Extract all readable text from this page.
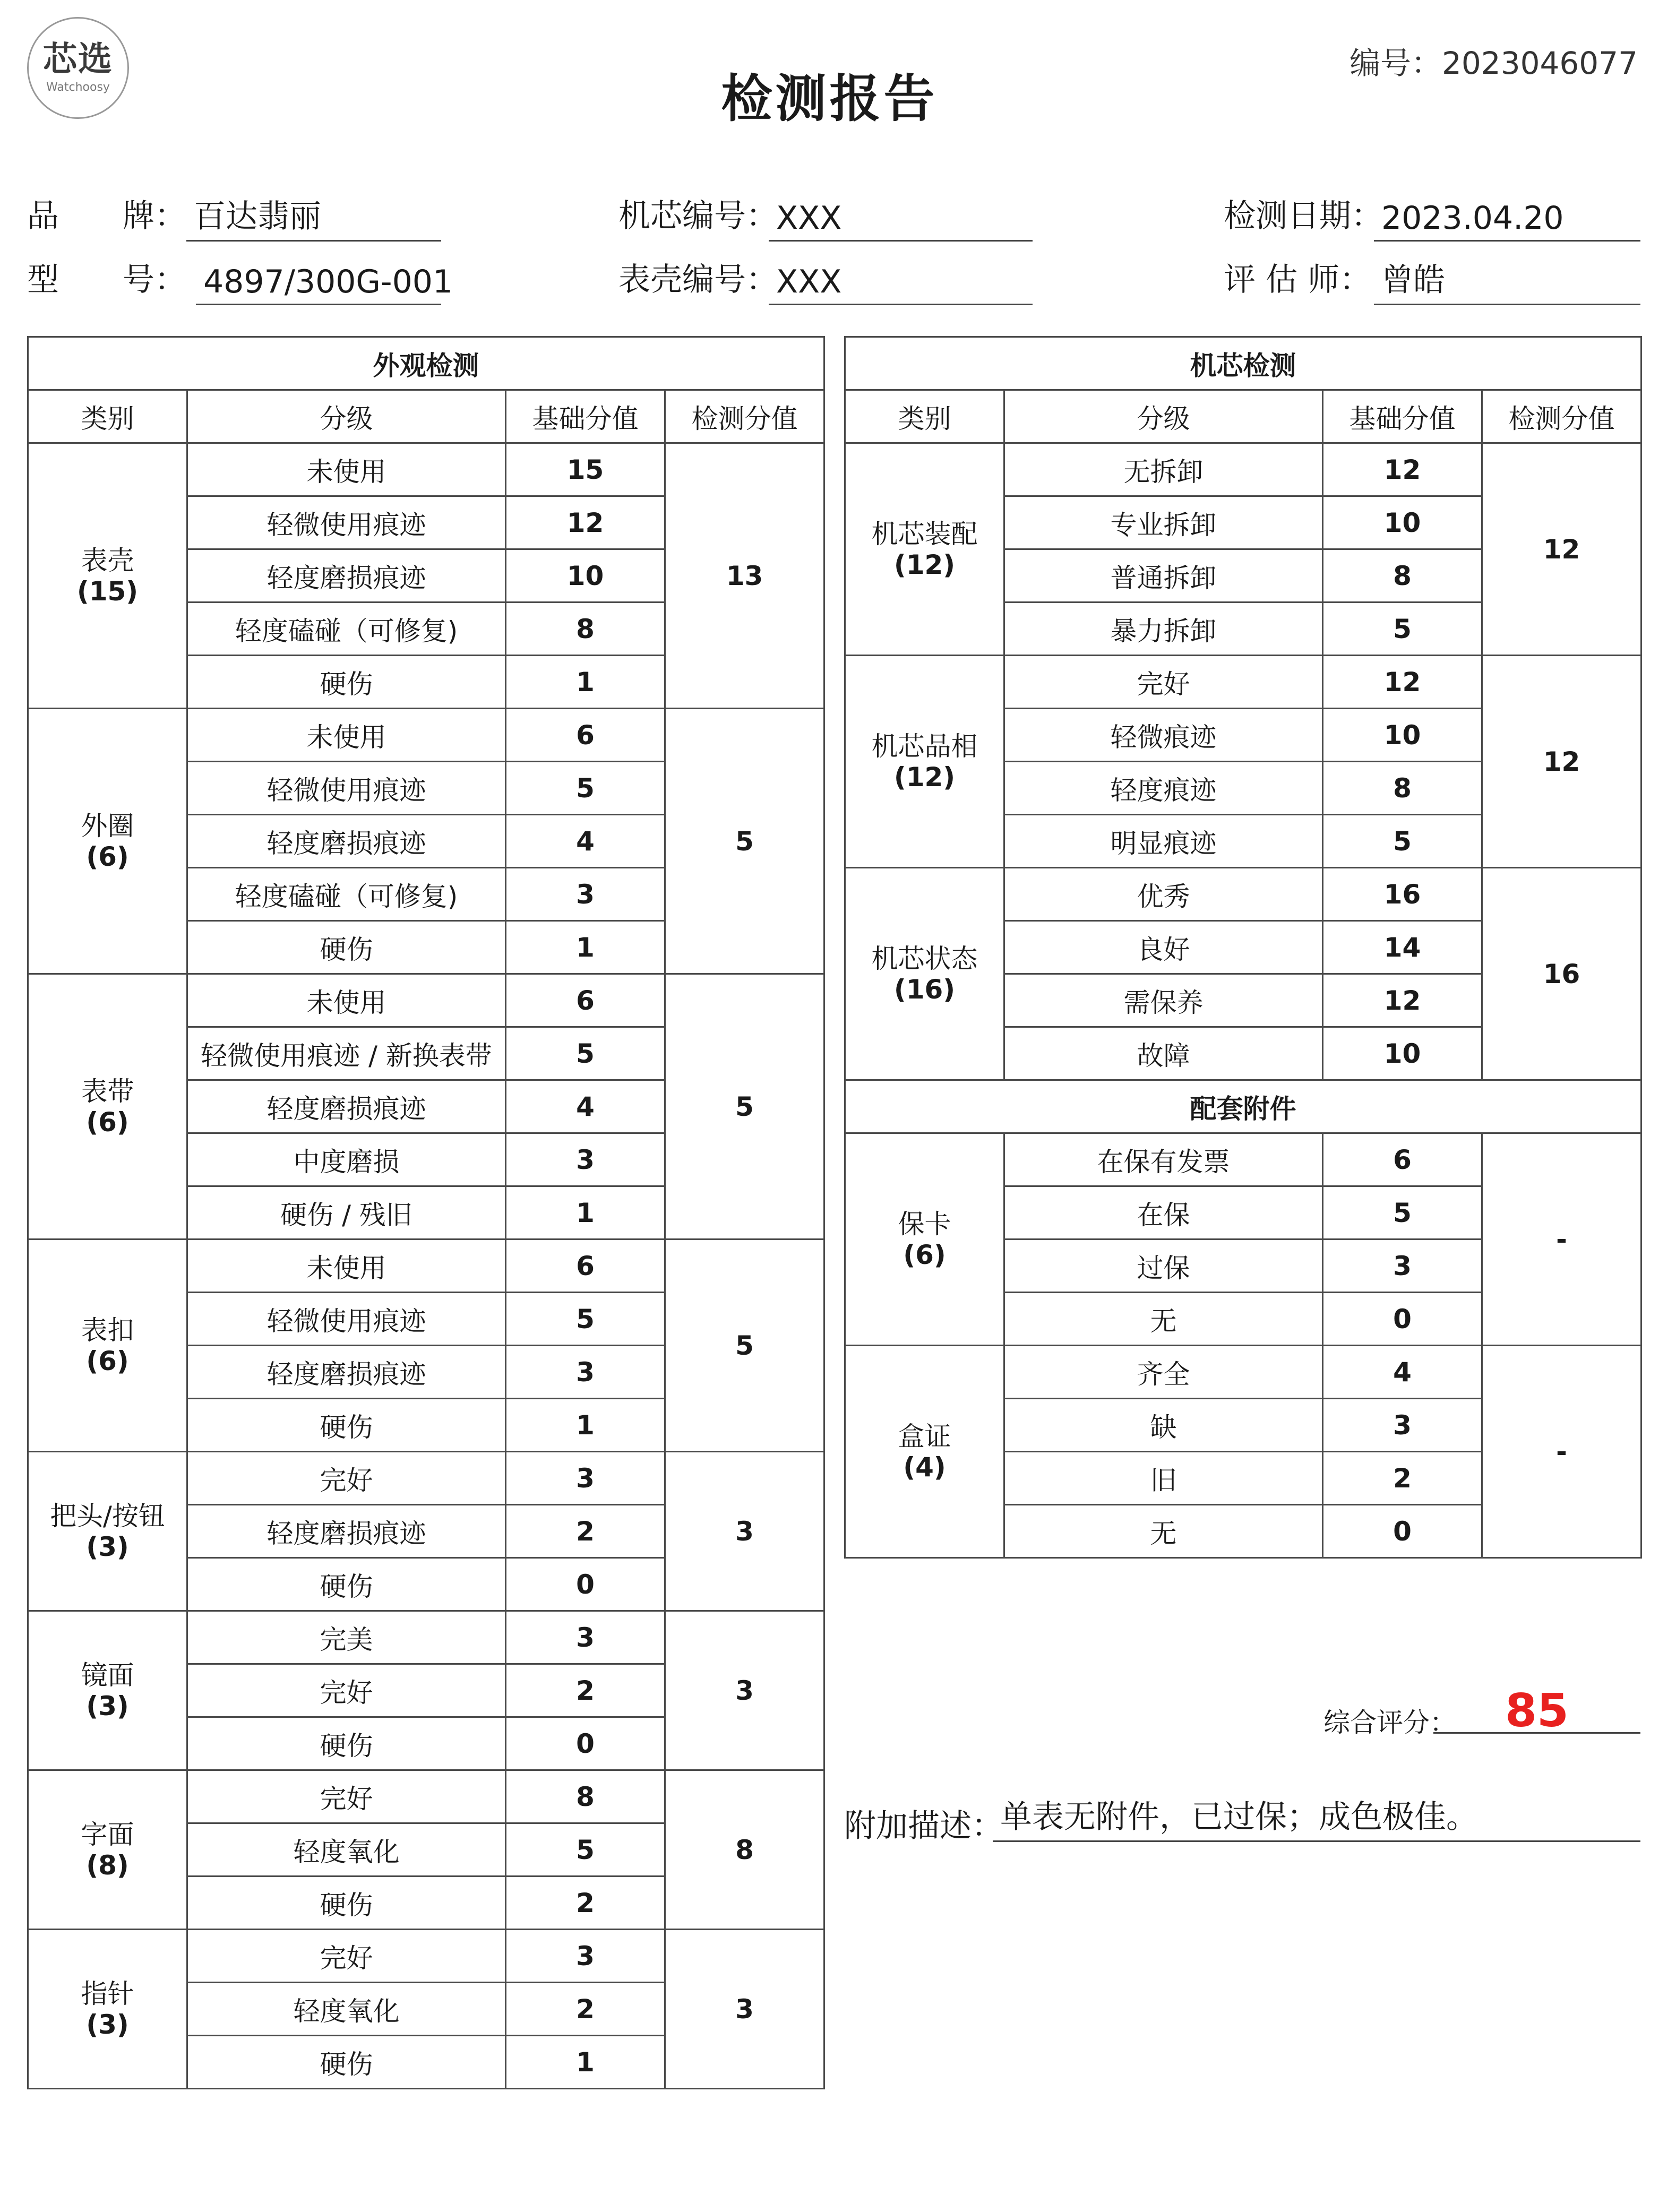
芯选
Watchoosy	检测报告
编号：2023046077
品　　牌： 百达翡丽
型　　号： 4897/300G-001
机芯编号：
XXX
表壳编号：
XXX
检测日期：
2023.04.20
评 估 师： 曾皓
外观检测			
类别	分级	基础分值	检测分值

表壳
(15)	未使用	15	13
	轻微使用痕迹	12	
	轻度磨损痕迹	10	
	轻度磕碰（可修复)	8	
	硬伤	1	

外圈
(6)	未使用	6	5
	轻微使用痕迹	5	
	轻度磨损痕迹	4	
	轻度磕碰（可修复)	3	
	硬伤	1	

表带
(6)	未使用	6	5
	轻微使用痕迹 / 新换表带	5	
	轻度磨损痕迹	4	
	中度磨损	3	
	硬伤 / 残旧	1	

表扣
(6)	未使用	6	5
	轻微使用痕迹	5	
	轻度磨损痕迹	3	
	硬伤	1	

把头/按钮
(3)	完好	3	3
	轻度磨损痕迹	2	
	硬伤	0	

镜面
(3)	完美	3	3
	完好	2	
	硬伤	0	

字面
(8)	完好	8	8
	轻度氧化	5	
	硬伤	2	

指针
(3)	完好	3	3
	轻度氧化	2	
	硬伤	1	
机芯检测			
类别	分级	基础分值	检测分值

机芯装配
(12)	无拆卸	12	12
	专业拆卸	10	
	普通拆卸	8	
	暴力拆卸	5	

机芯品相
(12)	完好	12	12
	轻微痕迹	10	
	轻度痕迹	8	
	明显痕迹	5	

机芯状态
(16)	优秀	16	16
	良好	14	
	需保养	12	
	故障	10	
配套附件			

保卡
(6)	在保有发票	6	-
	在保	5	
	过保	3	
	无	0	

盒证
(4)	齐全	4	-
	缺	3	
	旧	2	
	无	0	
综合评分：	85
附加描述：
单表无附件，已过保；成色极佳。
